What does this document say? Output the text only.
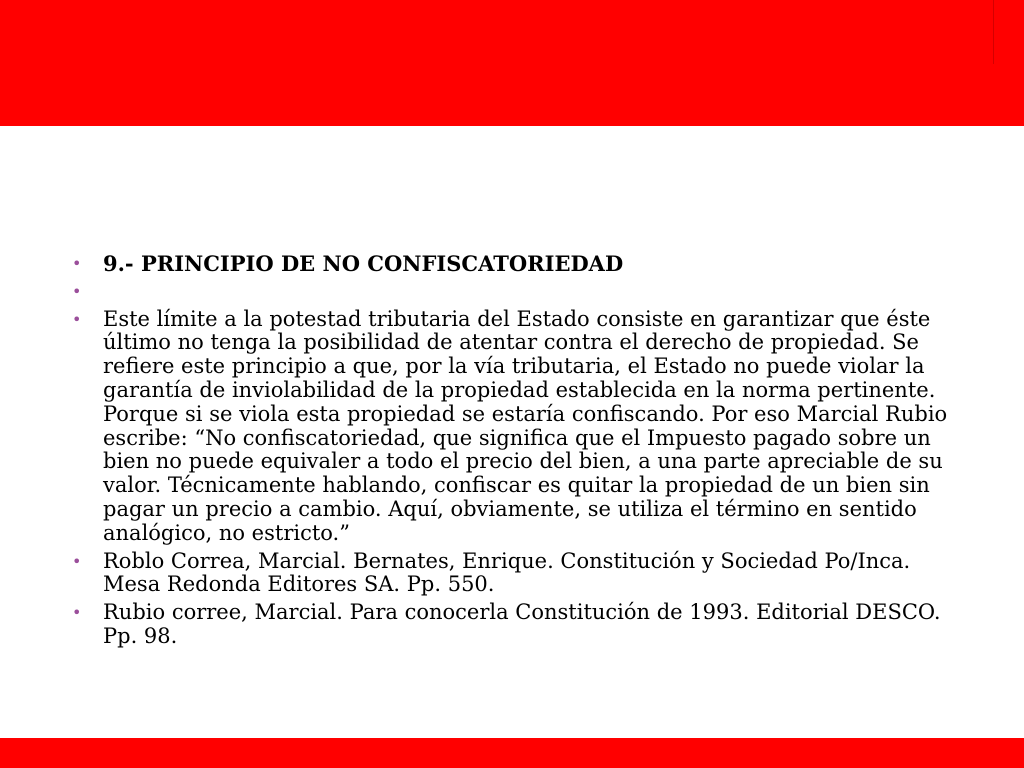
• 9.- PRINCIPIO DE NO CONFISCATORIEDAD
•
• Este límite a la potestad tributaria del Estado consiste en garantizar que éste último no tenga la posibilidad de atentar contra el derecho de propiedad. Se refiere este principio a que, por la vía tributaria, el Estado no puede violar la garantía de inviolabilidad de la propiedad establecida en la norma pertinente. Porque si se viola esta propiedad se estaría confiscando. Por eso Marcial Rubio escribe: “No confiscatoriedad, que significa que el Impuesto pagado sobre un bien no puede equivaler a todo el precio del bien, a una parte apreciable de su valor. Técnicamente hablando, confiscar es quitar la propiedad de un bien sin pagar un precio a cambio. Aquí, obviamente, se utiliza el término en sentido analógico, no estricto.”
• Roblo Correa, Marcial. Bernates, Enrique. Constitución y Sociedad Po/Inca. Mesa Redonda Editores SA. Pp. 550.
• Rubio corree, Marcial. Para conocerla Constitución de 1993. Editorial DESCO. Pp. 98.
